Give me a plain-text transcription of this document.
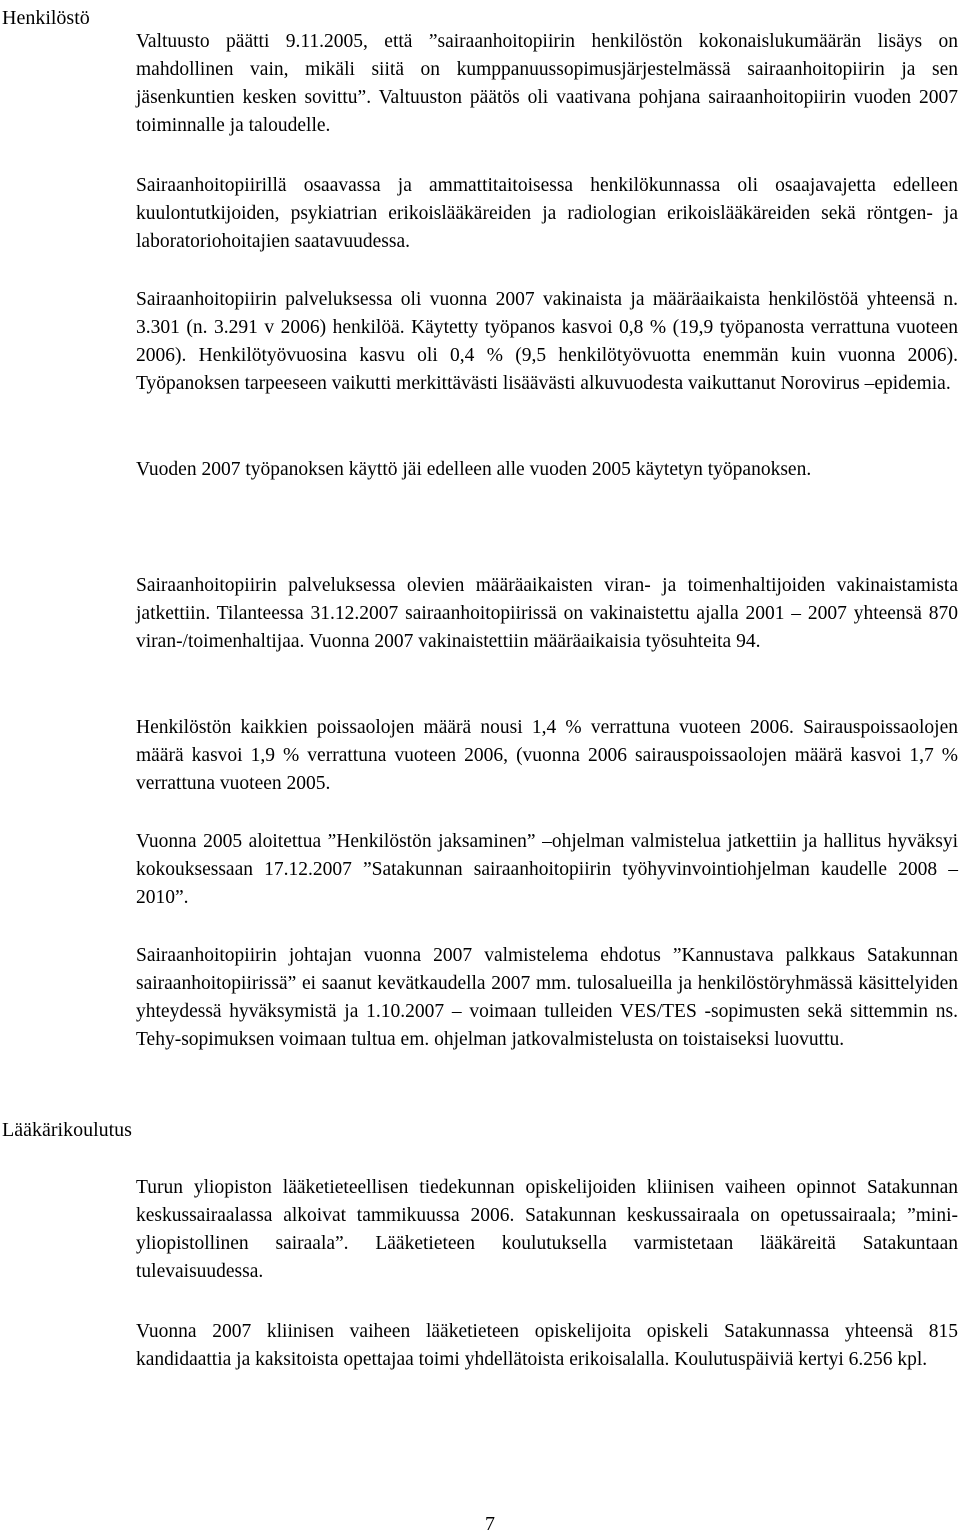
Henkilöstö

Valtuusto päätti 9.11.2005, että ”sairaanhoitopiirin henkilöstön kokonaislukumäärän lisäys on mahdollinen vain, mikäli siitä on kumppanuussopimusjärjestelmässä sairaanhoitopiirin ja sen jäsenkuntien kesken sovittu”. Valtuuston päätös oli vaativana pohjana sairaanhoitopiirin vuoden 2007 toiminnalle ja taloudelle.

Sairaanhoitopiirillä osaavassa ja ammattitaitoisessa henkilökunnassa oli osaajavajetta edelleen kuulontutkijoiden, psykiatrian erikoislääkäreiden ja radiologian erikoislääkäreiden sekä röntgen- ja laboratoriohoitajien saatavuudessa.

Sairaanhoitopiirin palveluksessa oli vuonna 2007 vakinaista ja määräaikaista henkilöstöä yhteensä n. 3.301 (n. 3.291 v 2006) henkilöä. Käytetty työpanos kasvoi 0,8 % (19,9 työpanosta verrattuna vuoteen 2006). Henkilötyövuosina kasvu oli 0,4 % (9,5 henkilötyövuotta enemmän kuin vuonna 2006). Työpanoksen tarpeeseen vaikutti merkittävästi lisäävästi alkuvuodesta vaikuttanut Norovirus –epidemia.

Vuoden 2007 työpanoksen käyttö jäi edelleen alle vuoden 2005 käytetyn työpanoksen.

Sairaanhoitopiirin palveluksessa olevien määräaikaisten viran- ja toimenhaltijoiden vakinaistamista jatkettiin. Tilanteessa 31.12.2007 sairaanhoitopiirissä on vakinaistettu ajalla 2001 – 2007 yhteensä 870 viran-/toimenhaltijaa. Vuonna 2007 vakinaistettiin määräaikaisia työsuhteita 94.

Henkilöstön kaikkien poissaolojen määrä nousi 1,4 % verrattuna vuoteen 2006. Sairauspoissaolojen määrä kasvoi 1,9 % verrattuna vuoteen 2006, (vuonna 2006 sairauspoissaolojen määrä kasvoi 1,7 % verrattuna vuoteen 2005.

Vuonna 2005 aloitettua ”Henkilöstön jaksaminen” –ohjelman valmistelua jatkettiin ja hallitus hyväksyi kokouksessaan 17.12.2007 ”Satakunnan sairaanhoitopiirin työhyvinvointiohjelman kaudelle 2008 – 2010”.

Sairaanhoitopiirin johtajan vuonna 2007 valmistelema ehdotus ”Kannustava palkkaus Satakunnan sairaanhoitopiirissä” ei saanut kevätkaudella 2007 mm. tulosalueilla ja henkilöstöryhmässä käsittelyiden yhteydessä hyväksymistä ja 1.10.2007 – voimaan tulleiden VES/TES -sopimusten sekä sittemmin ns. Tehy-sopimuksen voimaan tultua em. ohjelman jatkovalmistelusta on toistaiseksi luovuttu.

Lääkärikoulutus

Turun yliopiston lääketieteellisen tiedekunnan opiskelijoiden kliinisen vaiheen opinnot Satakunnan keskussairaalassa alkoivat tammikuussa 2006. Satakunnan keskussairaala on opetussairaala; ”mini-yliopistollinen sairaala”. Lääketieteen koulutuksella varmistetaan lääkäreitä Satakuntaan tulevaisuudessa.

Vuonna 2007 kliinisen vaiheen lääketieteen opiskelijoita opiskeli Satakunnassa yhteensä 815 kandidaattia ja kaksitoista opettajaa toimi yhdellätoista erikoisalalla. Koulutuspäiviä kertyi 6.256 kpl.

7
